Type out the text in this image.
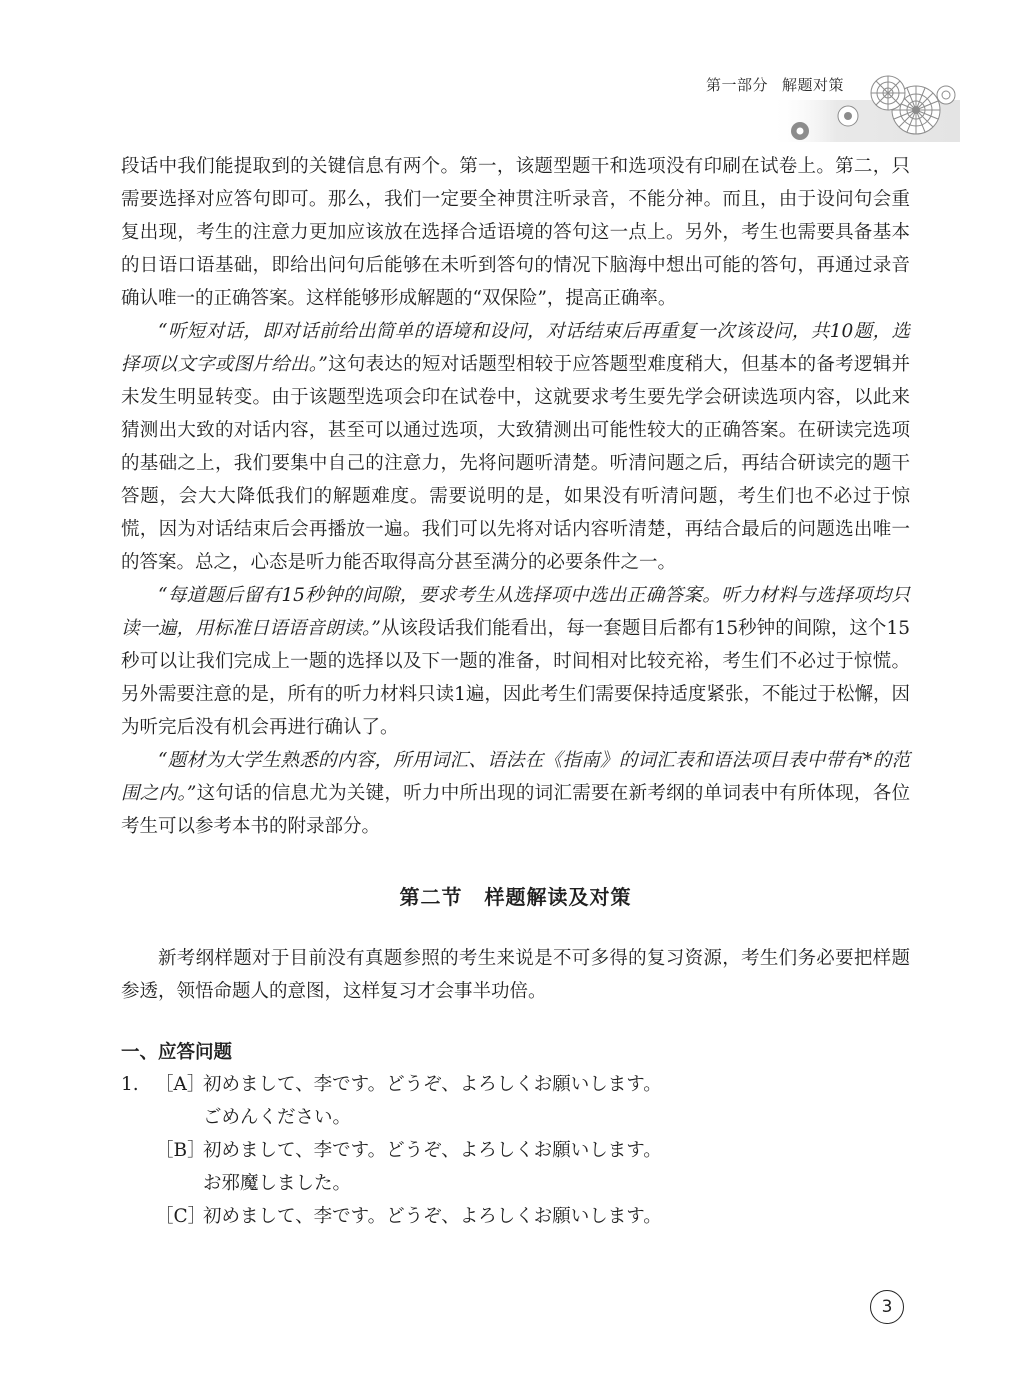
第一部分 解题对策

段话中我们能提取到的关键信息有两个。第一，该题型题干和选项没有印刷在试卷上。第二，只需要选择对应答句即可。那么，我们一定要全神贯注听录音，不能分神。而且，由于设问句会重复出现，考生的注意力更加应该放在选择合适语境的答句这一点上。另外，考生也需要具备基本的日语口语基础，即给出问句后能够在未听到答句的情况下脑海中想出可能的答句，再通过录音确认唯一的正确答案。这样能够形成解题的“双保险”，提高正确率。

“听短对话，即对话前给出简单的语境和设问，对话结束后再重复一次该设问，共10题，选择项以文字或图片给出。”这句表达的短对话题型相较于应答题型难度稍大，但基本的备考逻辑并未发生明显转变。由于该题型选项会印在试卷中，这就要求考生要先学会研读选项内容，以此来猜测出大致的对话内容，甚至可以通过选项，大致猜测出可能性较大的正确答案。在研读完选项的基础之上，我们要集中自己的注意力，先将问题听清楚。听清问题之后，再结合研读完的题干答题，会大大降低我们的解题难度。需要说明的是，如果没有听清问题，考生们也不必过于惊慌，因为对话结束后会再播放一遍。我们可以先将对话内容听清楚，再结合最后的问题选出唯一的答案。总之，心态是听力能否取得高分甚至满分的必要条件之一。

“每道题后留有15秒钟的间隙，要求考生从选择项中选出正确答案。听力材料与选择项均只读一遍，用标准日语语音朗读。”从该段话我们能看出，每一套题目后都有15秒钟的间隙，这个15秒可以让我们完成上一题的选择以及下一题的准备，时间相对比较充裕，考生们不必过于惊慌。另外需要注意的是，所有的听力材料只读1遍，因此考生们需要保持适度紧张，不能过于松懈，因为听完后没有机会再进行确认了。

“题材为大学生熟悉的内容，所用词汇、语法在《指南》的词汇表和语法项目表中带有*的范围之内。”这句话的信息尤为关键，听力中所出现的词汇需要在新考纲的单词表中有所体现，各位考生可以参考本书的附录部分。

第二节 样题解读及对策

新考纲样题对于目前没有真题参照的考生来说是不可多得的复习资源，考生们务必要把样题参透，领悟命题人的意图，这样复习才会事半功倍。

一、应答问题
1. ［A］
初めまして、李です。どうぞ、よろしくお願いします。
ごめんください。
［B］
初めまして、李です。どうぞ、よろしくお願いします。
お邪魔しました。
［C］
初めまして、李です。どうぞ、よろしくお願いします。
3
